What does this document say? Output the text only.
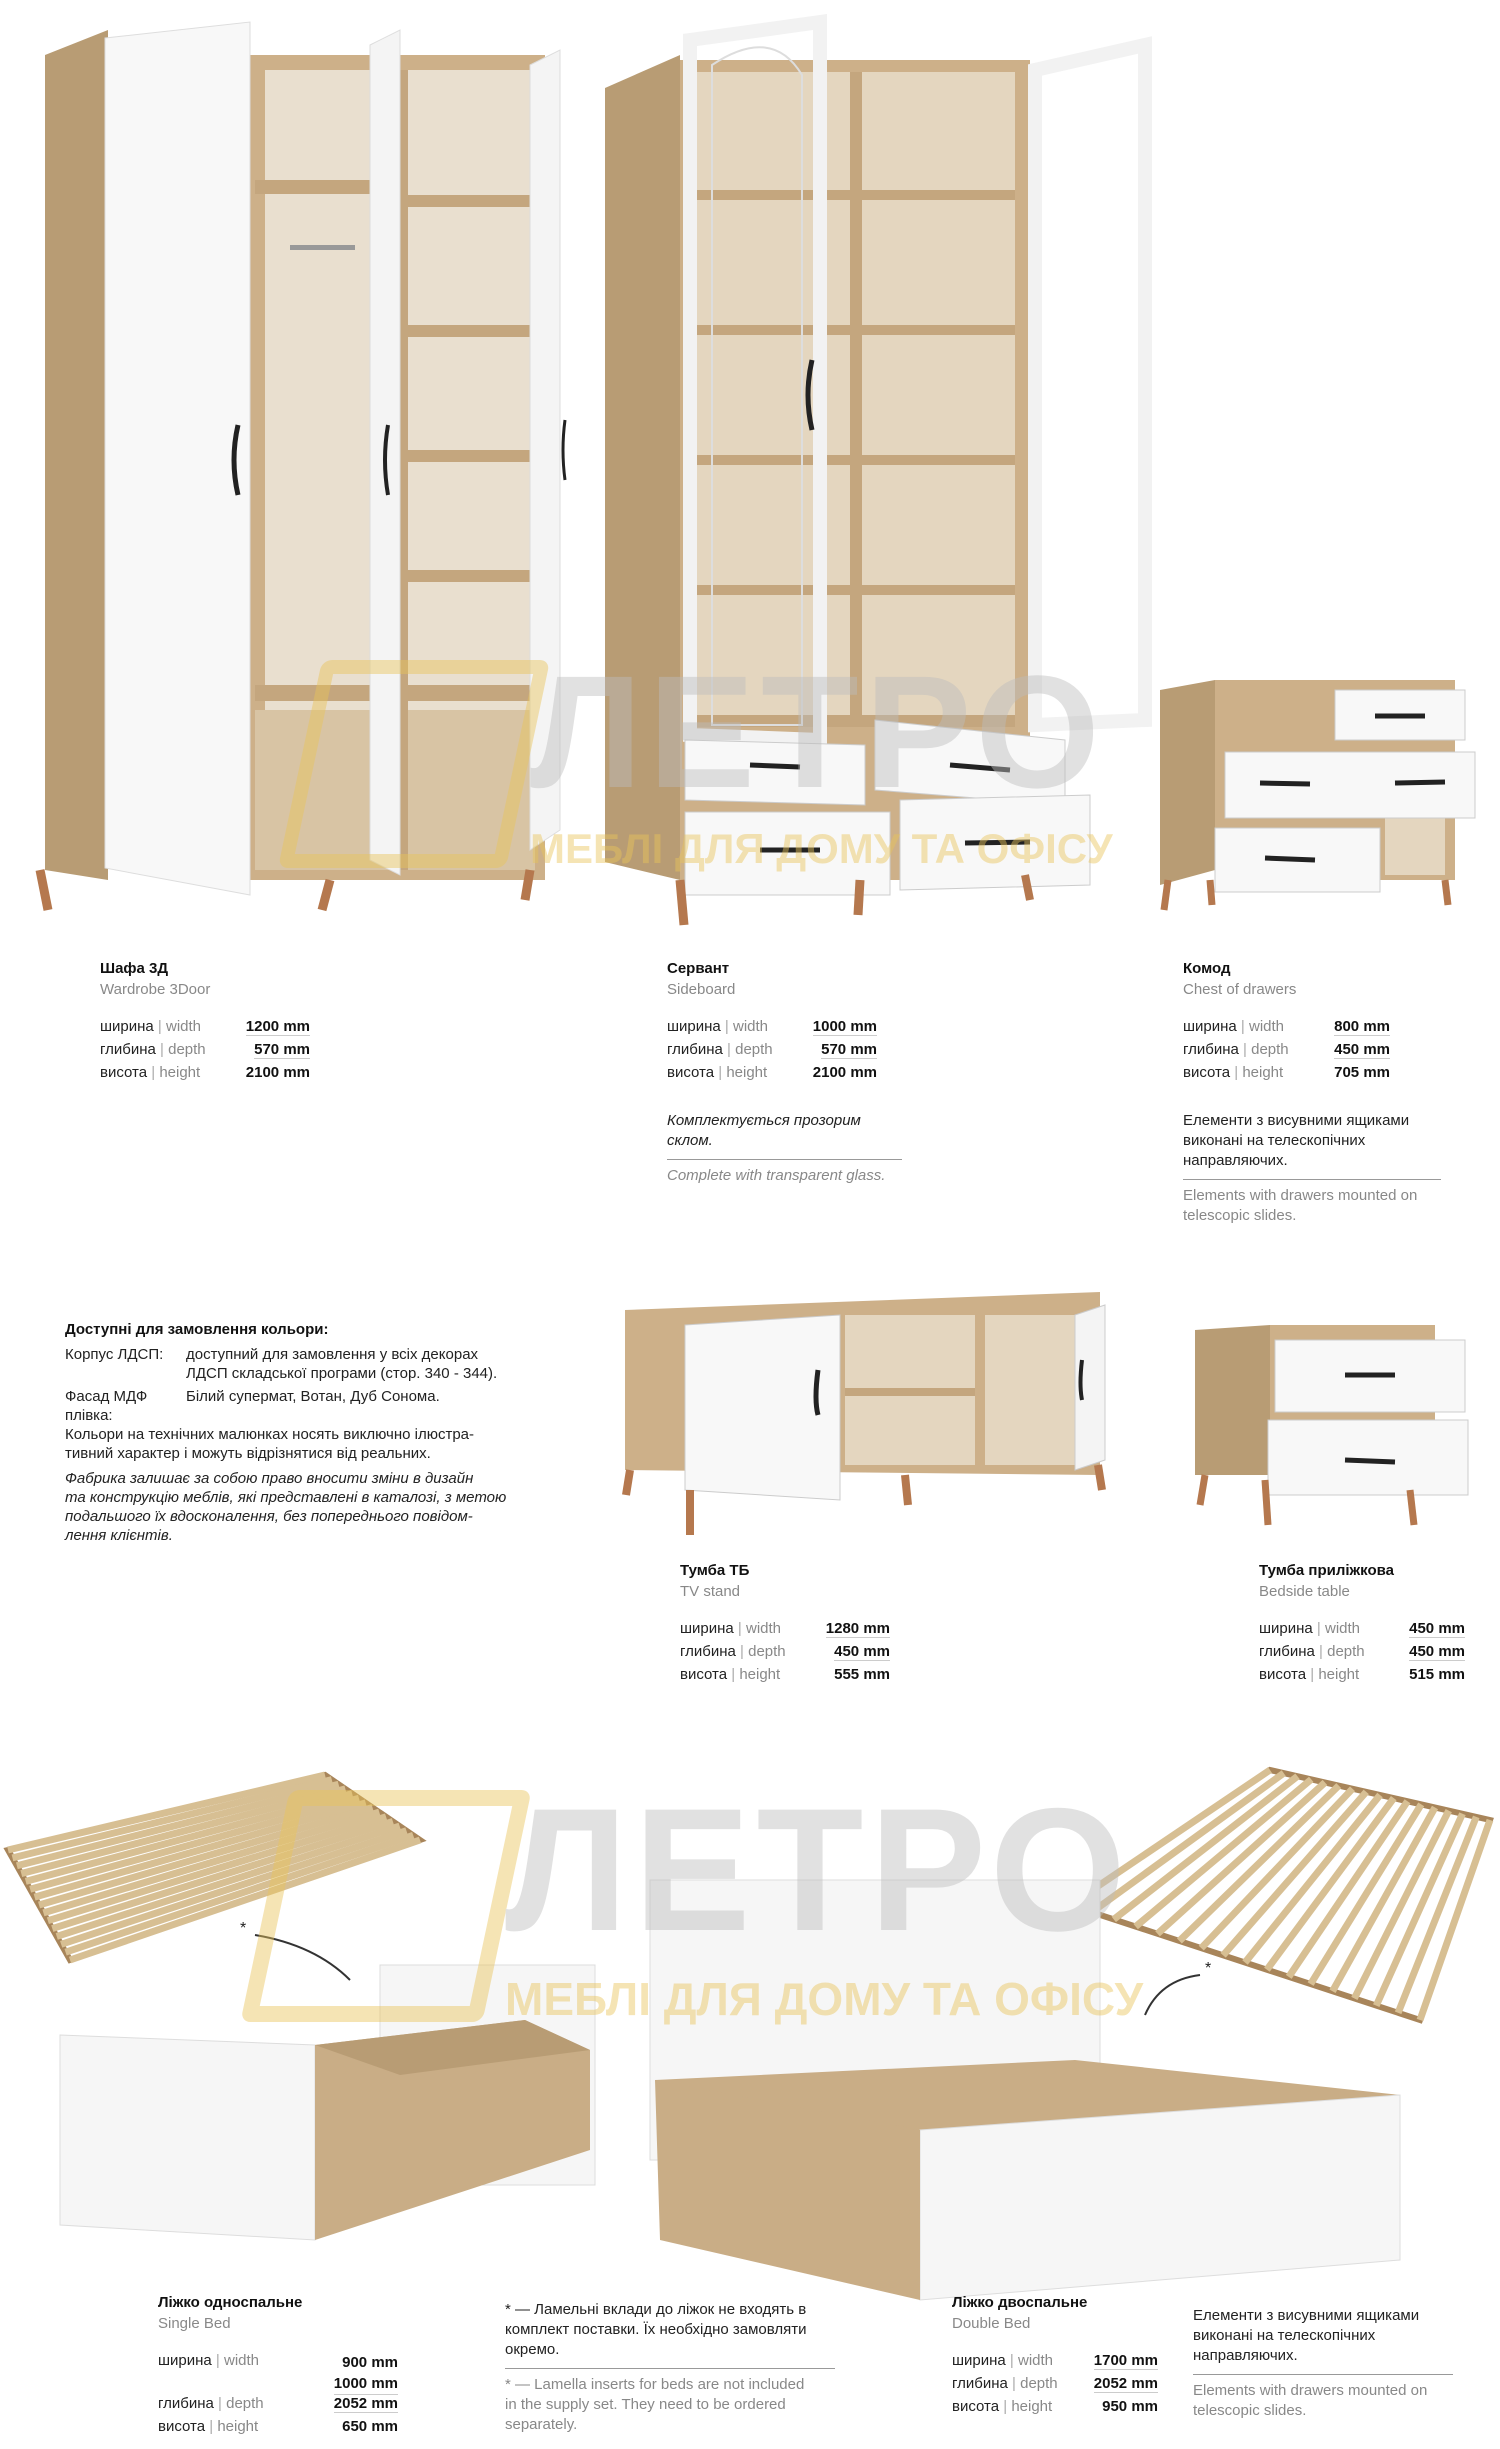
ЛЕТРО
МЕБЛІ ДЛЯ ДОМУ ТА ОФІСУ
ЛЕТРО
МЕБЛІ ДЛЯ ДОМУ ТА ОФІСУ
Шафа 3Д
Wardrobe 3Door
ширина | width	1200 mm
глибина | depth	570 mm
висота | height	2100 mm
Сервант
Sideboard
ширина | width	1000 mm
глибина | depth	570 mm
висота | height	2100 mm
Комплектується прозорим склом.
Complete with transparent glass.
Комод
Chest of drawers
ширина | width	800 mm
глибина | depth	450 mm
висота | height	705 mm
Елементи з висувними ящиками виконані на телескопічних направляючих.
Elements with drawers mounted on telescopic slides.
Доступні для замовлення кольори:
Корпус ЛДСП:	доступний для замовлення у всіх декорах
ЛДСП складської програми (стор. 340 - 344).
Фасад МДФ
плівка:
Білий супермат, Вотан, Дуб Сонома.
Кольори на технічних малюнках носять виключно ілюстра-
тивний характер і можуть відрізнятися від реальних.
Фабрика залишає за собою право вносити зміни в дизайн
та конструкцію меблів, які представлені в каталозі, з метою
подальшого їх вдосконалення, без попереднього повідом-
лення клієнтів.
Тумба ТБ
TV stand
ширина | width	1280 mm
глибина | depth	450 mm
висота | height	555 mm
Тумба приліжкова
Bedside table
ширина | width	450 mm
глибина | depth	450 mm
висота | height	515 mm
*
*
Ліжко односпальне
Single Bed
ширина | width	900 mm
1000 mm
глибина | depth	2052 mm
висота | height	650 mm
* — Ламельні вклади до ліжок не входять в
комплект поставки. Їх необхідно замовляти
окремо.
* — Lamella inserts for beds are not included
in the supply set. They need to be ordered
separately.
Ліжко двоспальне
Double Bed
ширина | width	1700 mm
глибина | depth 2052 mm
висота | height	950 mm
Елементи з висувними ящиками виконані на телескопічних направляючих.
Elements with drawers mounted on telescopic slides.
